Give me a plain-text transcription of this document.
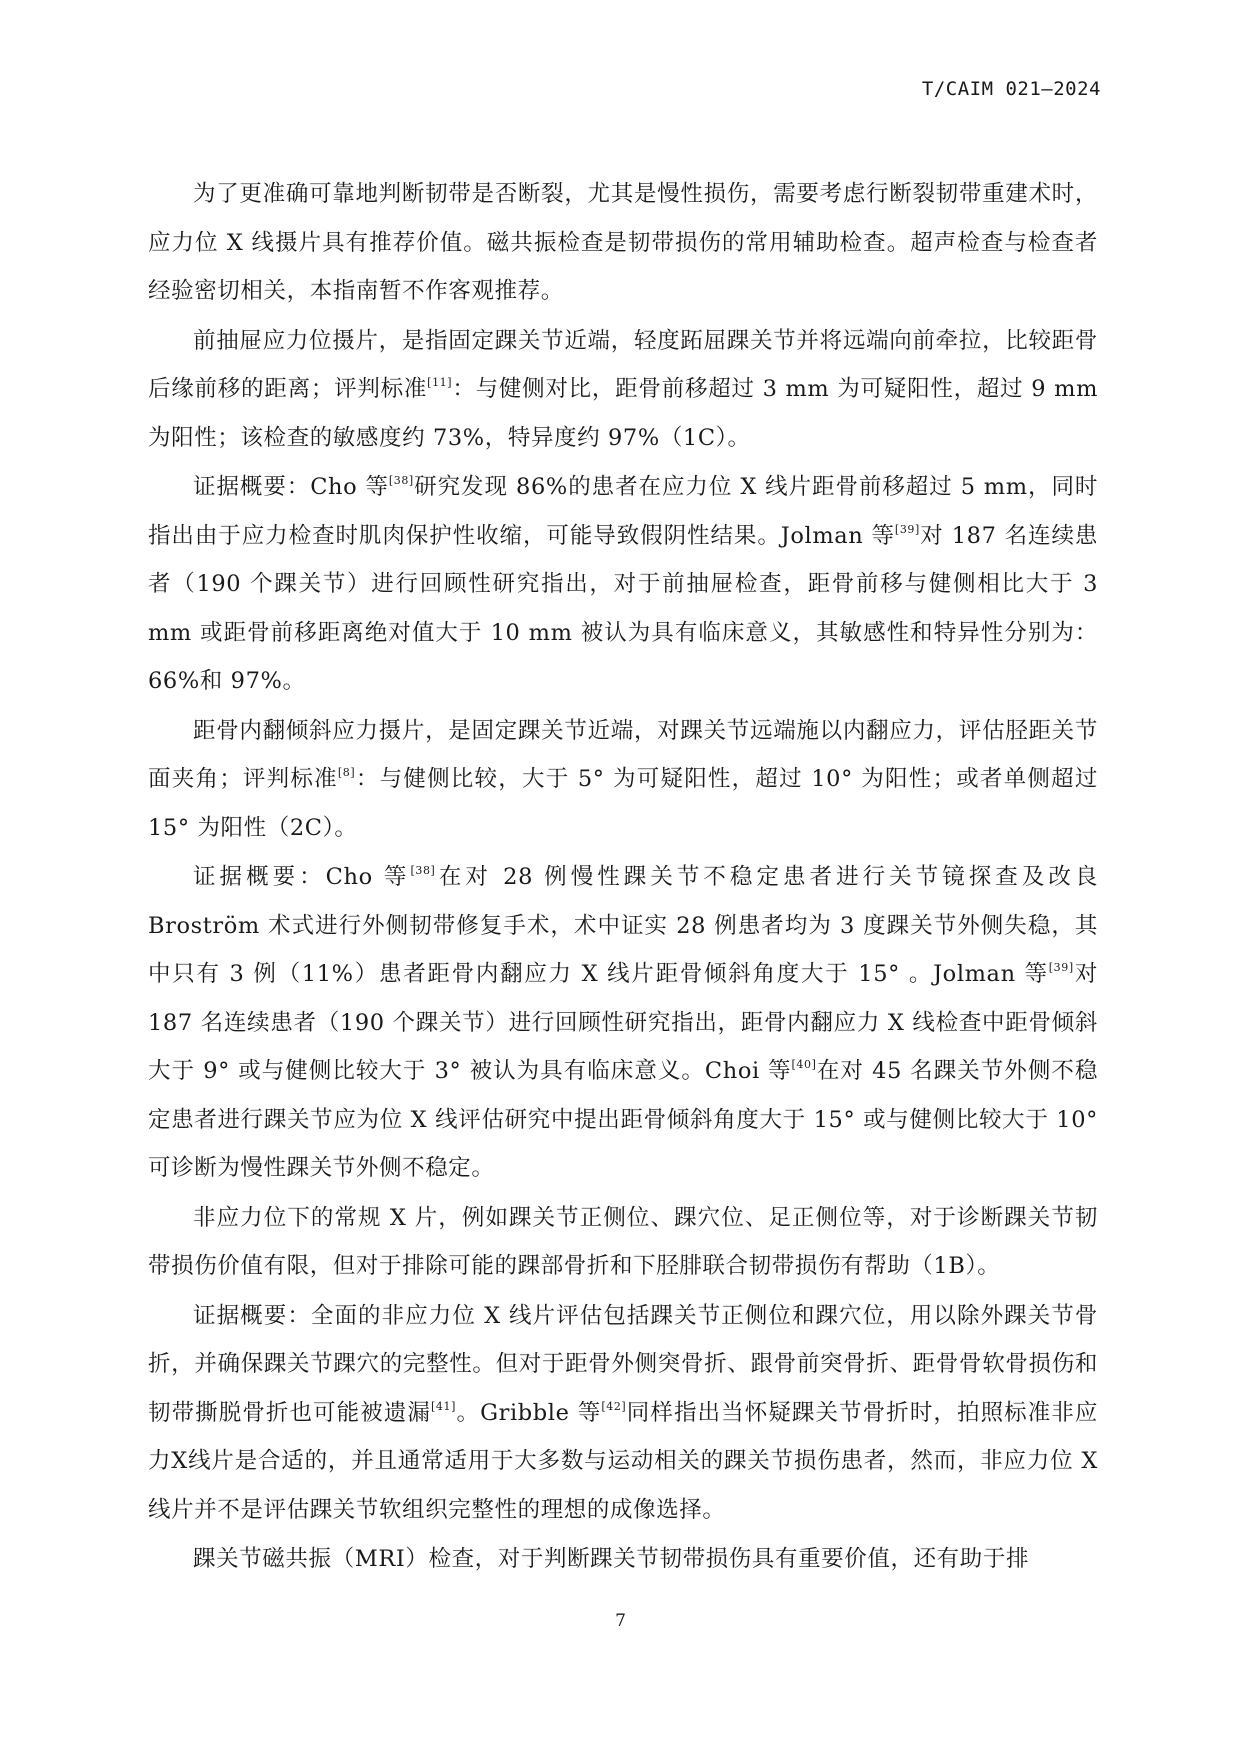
T/CAIM 021—2024

为了更准确可靠地判断韧带是否断裂，尤其是慢性损伤，需要考虑行断裂韧带重建术时，应力位 X 线摄片具有推荐价值。磁共振检查是韧带损伤的常用辅助检查。超声检查与检查者经验密切相关，本指南暂不作客观推荐。

前抽屉应力位摄片，是指固定踝关节近端，轻度跖屈踝关节并将远端向前牵拉，比较距骨后缘前移的距离；评判标准[11]：与健侧对比，距骨前移超过 3 mm 为可疑阳性，超过 9 mm 为阳性；该检查的敏感度约 73%，特异度约 97%（1C）。

证据概要：Cho 等[38]研究发现 86%的患者在应力位 X 线片距骨前移超过 5 mm，同时指出由于应力检查时肌肉保护性收缩，可能导致假阴性结果。Jolman 等[39]对 187 名连续患者（190 个踝关节）进行回顾性研究指出，对于前抽屉检查，距骨前移与健侧相比大于 3 mm 或距骨前移距离绝对值大于 10 mm 被认为具有临床意义，其敏感性和特异性分别为：66%和 97%。

距骨内翻倾斜应力摄片，是固定踝关节近端，对踝关节远端施以内翻应力，评估胫距关节面夹角；评判标准[8]：与健侧比较，大于 5° 为可疑阳性，超过 10° 为阳性；或者单侧超过 15° 为阳性（2C）。

证据概要：Cho 等[38]在对 28 例慢性踝关节不稳定患者进行关节镜探查及改良 Broström 术式进行外侧韧带修复手术，术中证实 28 例患者均为 3 度踝关节外侧失稳，其中只有 3 例（11%）患者距骨内翻应力 X 线片距骨倾斜角度大于 15° 。Jolman 等[39]对 187 名连续患者（190 个踝关节）进行回顾性研究指出，距骨内翻应力 X 线检查中距骨倾斜大于 9° 或与健侧比较大于 3° 被认为具有临床意义。Choi 等[40]在对 45 名踝关节外侧不稳定患者进行踝关节应为位 X 线评估研究中提出距骨倾斜角度大于 15° 或与健侧比较大于 10° 可诊断为慢性踝关节外侧不稳定。

非应力位下的常规 X 片，例如踝关节正侧位、踝穴位、足正侧位等，对于诊断踝关节韧带损伤价值有限，但对于排除可能的踝部骨折和下胫腓联合韧带损伤有帮助（1B）。

证据概要：全面的非应力位 X 线片评估包括踝关节正侧位和踝穴位，用以除外踝关节骨折，并确保踝关节踝穴的完整性。但对于距骨外侧突骨折、跟骨前突骨折、距骨骨软骨损伤和韧带撕脱骨折也可能被遗漏[41]。Gribble 等[42]同样指出当怀疑踝关节骨折时，拍照标准非应力X线片是合适的，并且通常适用于大多数与运动相关的踝关节损伤患者，然而，非应力位 X 线片并不是评估踝关节软组织完整性的理想的成像选择。

踝关节磁共振（MRI）检查，对于判断踝关节韧带损伤具有重要价值，还有助于排

7
